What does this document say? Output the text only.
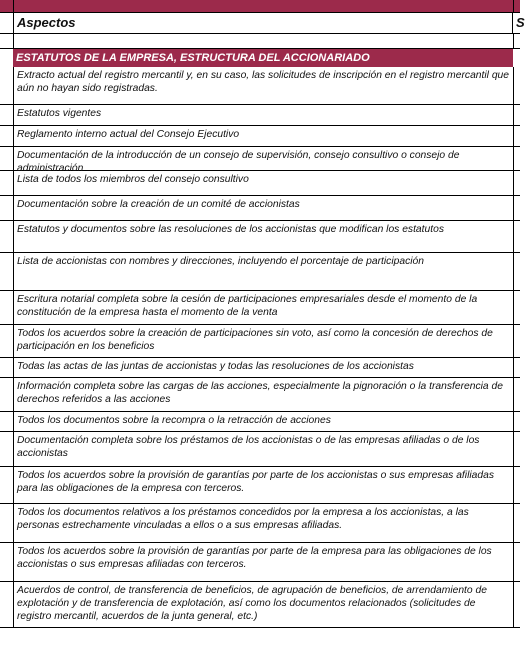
Aspectos	S
ESTATUTOS DE LA EMPRESA, ESTRUCTURA DEL ACCIONARIADO
Extracto actual del registro mercantil y, en su caso, las solicitudes de inscripción en el registro mercantil que aún no hayan sido registradas.
Estatutos vigentes
Reglamento interno actual del Consejo Ejecutivo
Documentación de la introducción de un consejo de supervisión, consejo consultivo o consejo de administración
Lista de todos los miembros del consejo consultivo
Documentación sobre la creación de un comité de accionistas
Estatutos y documentos sobre las resoluciones de los accionistas que modifican los estatutos
Lista de accionistas con nombres y direcciones, incluyendo el porcentaje de participación
Escritura notarial completa sobre la cesión de participaciones empresariales desde el momento de la constitución de la empresa hasta el momento de la venta
Todos los acuerdos sobre la creación de participaciones sin voto, así como la concesión de derechos de participación en los beneficios
Todas las actas de las juntas de accionistas y todas las resoluciones de los accionistas
Información completa sobre las cargas de las acciones, especialmente la pignoración o la transferencia de derechos referidos a las acciones
Todos los documentos sobre la recompra o la retracción de acciones
Documentación completa sobre los préstamos de los accionistas o de las empresas afiliadas o de los accionistas
Todos los acuerdos sobre la provisión de garantías por parte de los accionistas o sus empresas afiliadas para las obligaciones de la empresa con terceros.
Todos los documentos relativos a los préstamos concedidos por la empresa a los accionistas, a las personas estrechamente vinculadas a ellos o a sus empresas afiliadas.
Todos los acuerdos sobre la provisión de garantías por parte de la empresa para las obligaciones de los accionistas o sus empresas afiliadas con terceros.
Acuerdos de control, de transferencia de beneficios, de agrupación de beneficios, de arrendamiento de explotación y de transferencia de explotación, así como los documentos relacionados (solicitudes de registro mercantil, acuerdos de la junta general, etc.)
